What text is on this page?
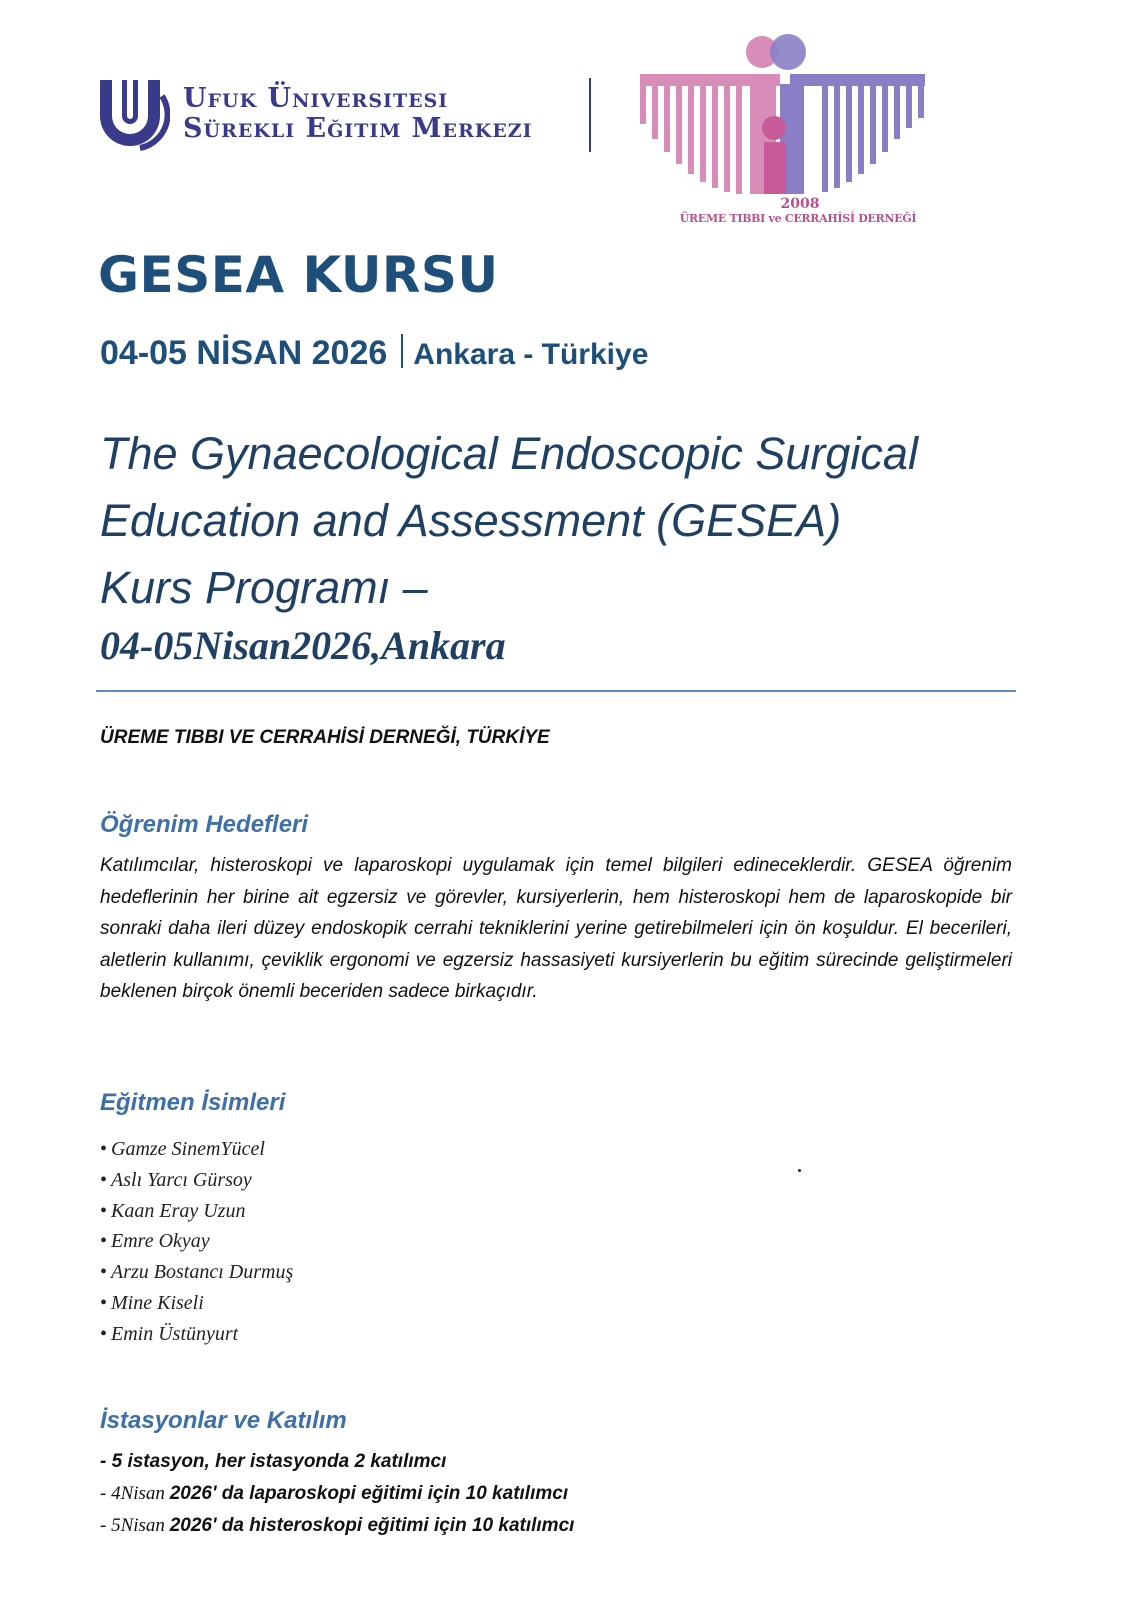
Ufuk Üniversitesi
Sürekli Eğitim Merkezi
2008
ÜREME TIBBI ve CERRAHİSİ DERNEĞİ
GESEA KURSU
04-05 NİSAN 2026 Ankara - Türkiye
The Gynaecological Endoscopic Surgical
Education and Assessment (GESEA)
Kurs Programı –
04-05Nisan2026,Ankara
ÜREME TIBBI VE CERRAHİSİ DERNEĞİ, TÜRKİYE
Öğrenim Hedefleri
Katılımcılar, histeroskopi ve laparoskopi uygulamak için temel bilgileri edineceklerdir. GESEA öğrenim hedeflerinin her birine ait egzersiz ve görevler, kursiyerlerin, hem histeroskopi hem de laparoskopide bir sonraki daha ileri düzey endoskopik cerrahi tekniklerini yerine getirebilmeleri için ön koşuldur. El becerileri, aletlerin kullanımı, çeviklik ergonomi ve egzersiz hassasiyeti kursiyerlerin bu eğitim sürecinde geliştirmeleri beklenen birçok önemli beceriden sadece birkaçıdır.
Eğitmen İsimleri
• Gamze SinemYücel
• Aslı Yarcı Gürsoy
• Kaan Eray Uzun
• Emre Okyay
• Arzu Bostancı Durmuş
• Mine Kiseli
• Emin Üstünyurt
İstasyonlar ve Katılım
- 5 istasyon, her istasyonda 2 katılımcı
- 4Nisan 2026' da laparoskopi eğitimi için 10 katılımcı
- 5Nisan 2026' da histeroskopi eğitimi için 10 katılımcı
